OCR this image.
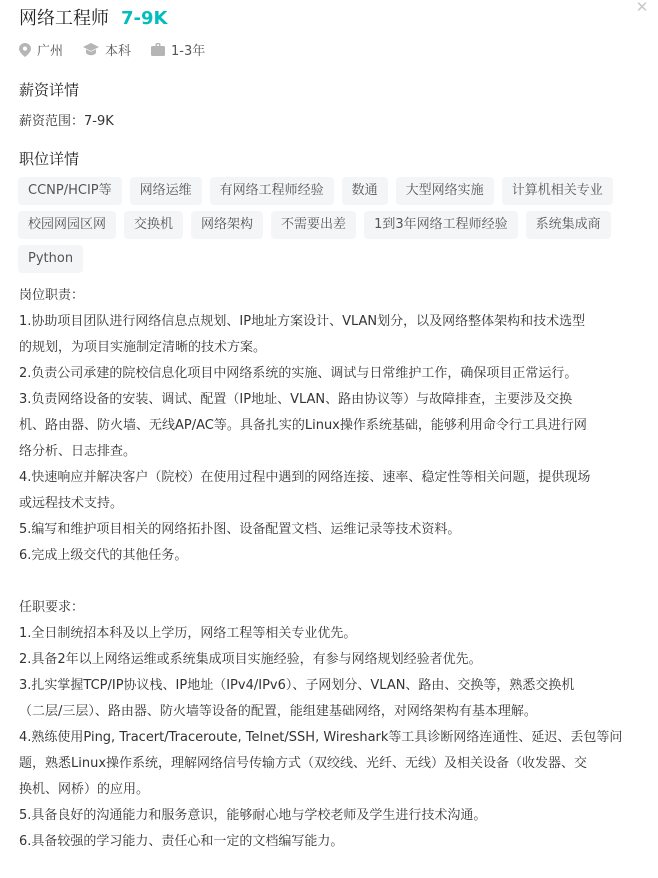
✕
网络工程师 7-9K
广州	本科	1-3年
薪资详情
薪资范围：7-9K
职位详情
CCNP/HCIP等	网络运维	有网络工程师经验	数通	大型网络实施	计算机相关专业
校园网园区网	交换机	网络架构	不需要出差	1到3年网络工程师经验	系统集成商
Python

岗位职责：

1.协助项目团队进行网络信息点规划、IP地址方案设计、VLAN划分，以及网络整体架构和技术选型

的规划，为项目实施制定清晰的技术方案。

2.负责公司承建的院校信息化项目中网络系统的实施、调试与日常维护工作，确保项目正常运行。

3.负责网络设备的安装、调试、配置（IP地址、VLAN、路由协议等）与故障排查，主要涉及交换

机、路由器、防火墙、无线AP/AC等。具备扎实的Linux操作系统基础，能够利用命令行工具进行网

络分析、日志排查。

4.快速响应并解决客户（院校）在使用过程中遇到的网络连接、速率、稳定性等相关问题，提供现场

或远程技术支持。

5.编写和维护项目相关的网络拓扑图、设备配置文档、运维记录等技术资料。

6.完成上级交代的其他任务。

任职要求：

1.全日制统招本科及以上学历，网络工程等相关专业优先。

2.具备2年以上网络运维或系统集成项目实施经验，有参与网络规划经验者优先。

3.扎实掌握TCP/IP协议栈、IP地址（IPv4/IPv6）、子网划分、VLAN、路由、交换等，熟悉交换机

（二层/三层）、路由器、防火墙等设备的配置，能组建基础网络，对网络架构有基本理解。

4.熟练使用Ping, Tracert/Traceroute, Telnet/SSH, Wireshark等工具诊断网络连通性、延迟、丢包等问

题，熟悉Linux操作系统，理解网络信号传输方式（双绞线、光纤、无线）及相关设备（收发器、交

换机、网桥）的应用。

5.具备良好的沟通能力和服务意识，能够耐心地与学校老师及学生进行技术沟通。

6.具备较强的学习能力、责任心和一定的文档编写能力。
